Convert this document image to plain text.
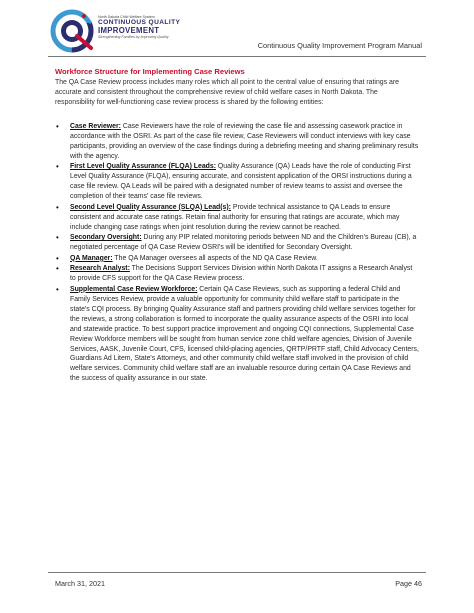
North Dakota Child Welfare System
CONTINUOUS QUALITY
IMPROVEMENT
Strengthening Families by Improving Quality
Continuous Quality Improvement Program Manual
Workforce Structure for Implementing Case Reviews

The QA Case Review process includes many roles which all point to the central value of ensuring that ratings are accurate and consistent throughout the comprehensive review of child welfare cases in North Dakota. The responsibility for well-functioning case review process is shared by the following entities:

• Case Reviewer: Case Reviewers have the role of reviewing the case file and assessing casework practice in accordance with the OSRI. As part of the case file review, Case Reviewers will conduct interviews with key case participants, providing an overview of the case findings during a debriefing meeting and sharing preliminary results with the agency.
• First Level Quality Assurance (FLQA) Leads: Quality Assurance (QA) Leads have the role of conducting First Level Quality Assurance (FLQA), ensuring accurate, and consistent application of the ORSI instructions during a case file review. QA Leads will be paired with a designated number of review teams to assist and oversee the completion of their teams' case file reviews.
• Second Level Quality Assurance (SLQA) Lead(s): Provide technical assistance to QA Leads to ensure consistent and accurate case ratings. Retain final authority for ensuring that ratings are accurate, which may include changing case ratings when joint resolution during the review cannot be reached.
• Secondary Oversight: During any PIP related monitoring periods between ND and the Children's Bureau (CB), a negotiated percentage of QA Case Review OSRI's will be identified for Secondary Oversight.
• QA Manager: The QA Manager oversees all aspects of the ND QA Case Review.
• Research Analyst: The Decisions Support Services Division within North Dakota IT assigns a Research Analyst to provide CFS support for the QA Case Review process.
• Supplemental Case Review Workforce: Certain QA Case Reviews, such as supporting a federal Child and Family Services Review, provide a valuable opportunity for community child welfare staff to participate in the state's CQI process. By bringing Quality Assurance staff and partners providing child welfare services together for the reviews, a strong collaboration is formed to incorporate the quality assurance aspects of the OSRI into local and statewide practice. To best support practice improvement and ongoing CQI connections, Supplemental Case Review Workforce members will be sought from human service zone child welfare agencies, Division of Juvenile Services, AASK, Juvenile Court, CFS, licensed child-placing agencies, QRTP/PRTF staff, Child Advocacy Centers, Guardians Ad Litem, State's Attorneys, and other community child welfare staff involved in the provision of child welfare services. Community child welfare staff are an invaluable resource during certain QA Case Reviews and the success of quality assurance in our state.
March 31, 2021	Page 46
